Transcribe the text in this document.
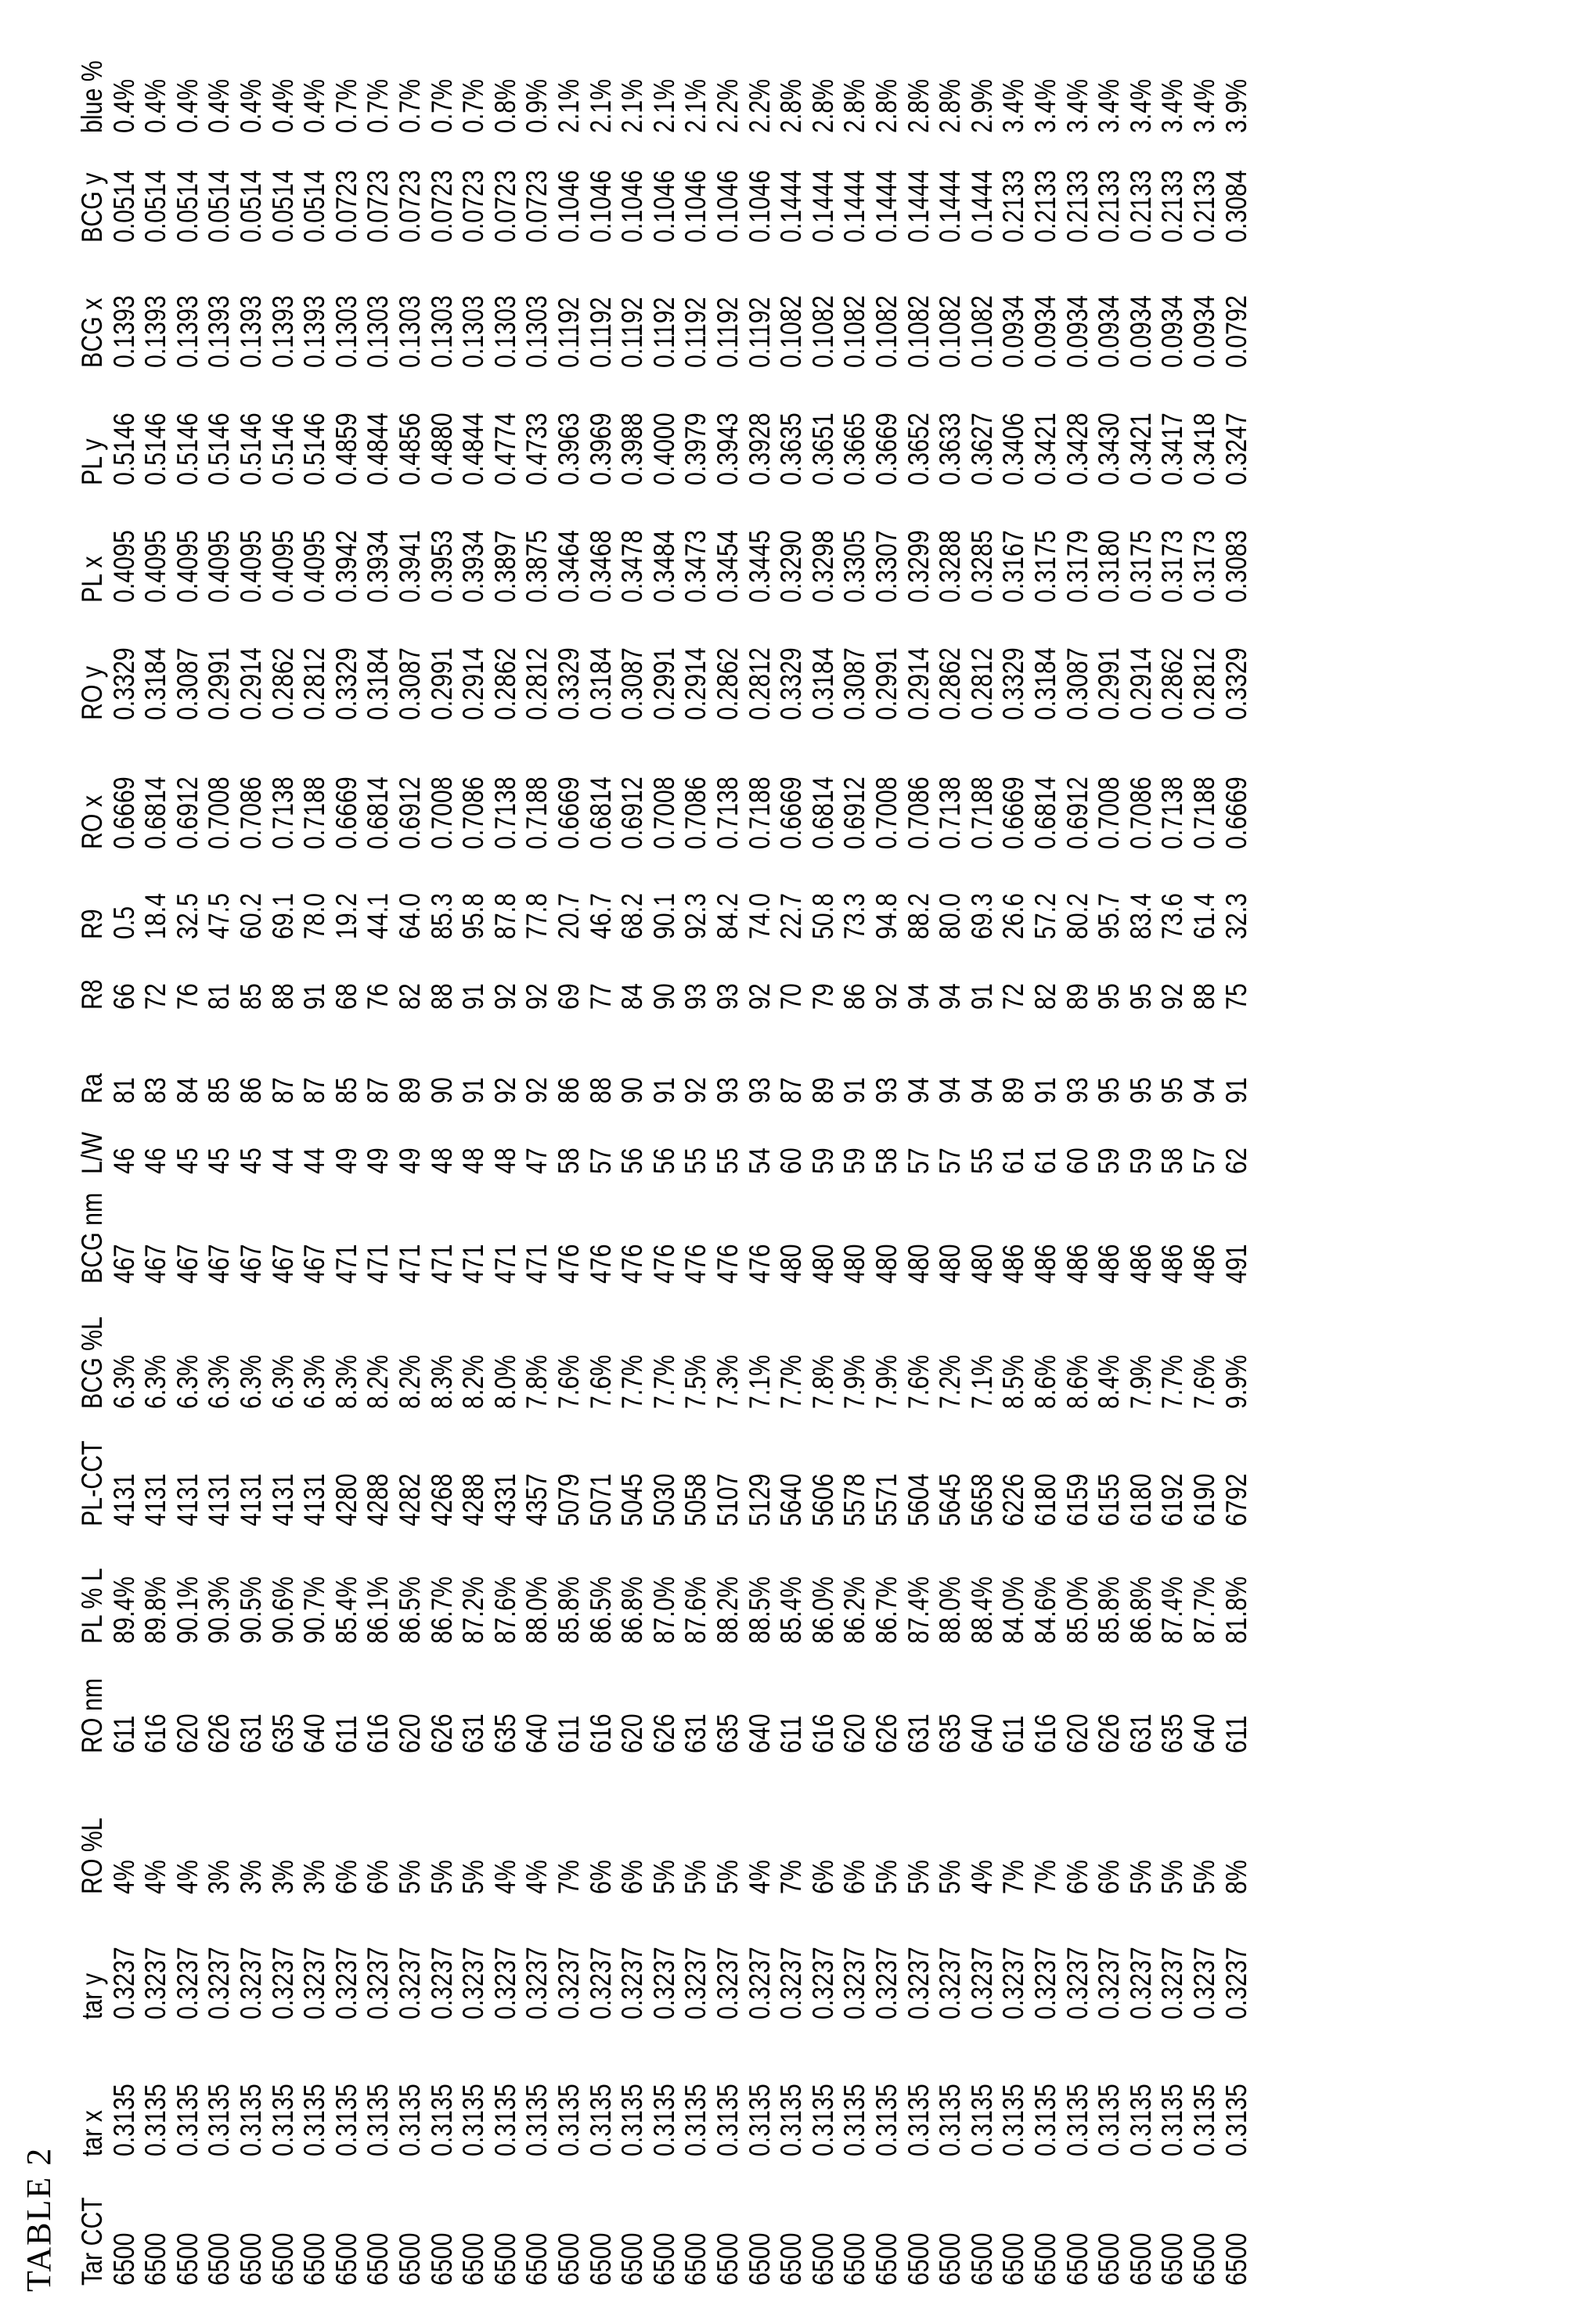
TABLE 2 Tar CCT
tar x
tar y
RO %L
RO nm
PL % L
PL-CCT
BCG %L
BCG nm
L/W
Ra
R8
R9
RO x
RO y
PL x
PL y
BCG x
BCG y
blue %
6500
0.3135
0.3237
4%
611
89.4%
4131
6.3%
467
46
81
66
0.5
0.6669
0.3329
0.4095
0.5146
0.1393
0.0514
0.4%
6500
0.3135
0.3237
4%
616
89.8%
4131
6.3%
467
46
83
72
18.4
0.6814
0.3184
0.4095
0.5146
0.1393
0.0514
0.4%
6500
0.3135
0.3237
4%
620
90.1%
4131
6.3%
467
45
84
76
32.5
0.6912
0.3087
0.4095
0.5146
0.1393
0.0514
0.4%
6500
0.3135
0.3237
3%
626
90.3%
4131
6.3%
467
45
85
81
47.5
0.7008
0.2991
0.4095
0.5146
0.1393
0.0514
0.4%
6500
0.3135
0.3237
3%
631
90.5%
4131
6.3%
467
45
86
85
60.2
0.7086
0.2914
0.4095
0.5146
0.1393
0.0514
0.4%
6500
0.3135
0.3237
3%
635
90.6%
4131
6.3%
467
44
87
88
69.1
0.7138
0.2862
0.4095
0.5146
0.1393
0.0514
0.4%
6500
0.3135
0.3237
3%
640
90.7%
4131
6.3%
467
44
87
91
78.0
0.7188
0.2812
0.4095
0.5146
0.1393
0.0514
0.4%
6500
0.3135
0.3237
6%
611
85.4%
4280
8.3%
471
49
85
68
19.2
0.6669
0.3329
0.3942
0.4859
0.1303
0.0723
0.7%
6500
0.3135
0.3237
6%
616
86.1%
4288
8.2%
471
49
87
76
44.1
0.6814
0.3184
0.3934
0.4844
0.1303
0.0723
0.7%
6500
0.3135
0.3237
5%
620
86.5%
4282
8.2%
471
49
89
82
64.0
0.6912
0.3087
0.3941
0.4856
0.1303
0.0723
0.7%
6500
0.3135
0.3237
5%
626
86.7%
4268
8.3%
471
48
90
88
85.3
0.7008
0.2991
0.3953
0.4880
0.1303
0.0723
0.7%
6500
0.3135
0.3237
5%
631
87.2%
4288
8.2%
471
48
91
91
95.8
0.7086
0.2914
0.3934
0.4844
0.1303
0.0723
0.7%
6500
0.3135
0.3237
4%
635
87.6%
4331
8.0%
471
48
92
92
87.8
0.7138
0.2862
0.3897
0.4774
0.1303
0.0723
0.8%
6500
0.3135
0.3237
4%
640
88.0%
4357
7.8%
471
47
92
92
77.8
0.7188
0.2812
0.3875
0.4733
0.1303
0.0723
0.9%
6500
0.3135
0.3237
7%
611
85.8%
5079
7.6%
476
58
86
69
20.7
0.6669
0.3329
0.3464
0.3963
0.1192
0.1046
2.1%
6500
0.3135
0.3237
6%
616
86.5%
5071
7.6%
476
57
88
77
46.7
0.6814
0.3184
0.3468
0.3969
0.1192
0.1046
2.1%
6500
0.3135
0.3237
6%
620
86.8%
5045
7.7%
476
56
90
84
68.2
0.6912
0.3087
0.3478
0.3988
0.1192
0.1046
2.1%
6500
0.3135
0.3237
5%
626
87.0%
5030
7.7%
476
56
91
90
90.1
0.7008
0.2991
0.3484
0.4000
0.1192
0.1046
2.1%
6500
0.3135
0.3237
5%
631
87.6%
5058
7.5%
476
55
92
93
92.3
0.7086
0.2914
0.3473
0.3979
0.1192
0.1046
2.1%
6500
0.3135
0.3237
5%
635
88.2%
5107
7.3%
476
55
93
93
84.2
0.7138
0.2862
0.3454
0.3943
0.1192
0.1046
2.2%
6500
0.3135
0.3237
4%
640
88.5%
5129
7.1%
476
54
93
92
74.0
0.7188
0.2812
0.3445
0.3928
0.1192
0.1046
2.2%
6500
0.3135
0.3237
7%
611
85.4%
5640
7.7%
480
60
87
70
22.7
0.6669
0.3329
0.3290
0.3635
0.1082
0.1444
2.8%
6500
0.3135
0.3237
6%
616
86.0%
5606
7.8%
480
59
89
79
50.8
0.6814
0.3184
0.3298
0.3651
0.1082
0.1444
2.8%
6500
0.3135
0.3237
6%
620
86.2%
5578
7.9%
480
59
91
86
73.3
0.6912
0.3087
0.3305
0.3665
0.1082
0.1444
2.8%
6500
0.3135
0.3237
5%
626
86.7%
5571
7.9%
480
58
93
92
94.8
0.7008
0.2991
0.3307
0.3669
0.1082
0.1444
2.8%
6500
0.3135
0.3237
5%
631
87.4%
5604
7.6%
480
57
94
94
88.2
0.7086
0.2914
0.3299
0.3652
0.1082
0.1444
2.8%
6500
0.3135
0.3237
5%
635
88.0%
5645
7.2%
480
57
94
94
80.0
0.7138
0.2862
0.3288
0.3633
0.1082
0.1444
2.8%
6500
0.3135
0.3237
4%
640
88.4%
5658
7.1%
480
55
94
91
69.3
0.7188
0.2812
0.3285
0.3627
0.1082
0.1444
2.9%
6500
0.3135
0.3237
7%
611
84.0%
6226
8.5%
486
61
89
72
26.6
0.6669
0.3329
0.3167
0.3406
0.0934
0.2133
3.4%
6500
0.3135
0.3237
7%
616
84.6%
6180
8.6%
486
61
91
82
57.2
0.6814
0.3184
0.3175
0.3421
0.0934
0.2133
3.4%
6500
0.3135
0.3237
6%
620
85.0%
6159
8.6%
486
60
93
89
80.2
0.6912
0.3087
0.3179
0.3428
0.0934
0.2133
3.4%
6500
0.3135
0.3237
6%
626
85.8%
6155
8.4%
486
59
95
95
95.7
0.7008
0.2991
0.3180
0.3430
0.0934
0.2133
3.4%
6500
0.3135
0.3237
5%
631
86.8%
6180
7.9%
486
59
95
95
83.4
0.7086
0.2914
0.3175
0.3421
0.0934
0.2133
3.4%
6500
0.3135
0.3237
5%
635
87.4%
6192
7.7%
486
58
95
92
73.6
0.7138
0.2862
0.3173
0.3417
0.0934
0.2133
3.4%
6500
0.3135
0.3237
5%
640
87.7%
6190
7.6%
486
57
94
88
61.4
0.7188
0.2812
0.3173
0.3418
0.0934
0.2133
3.4%
6500
0.3135
0.3237
8%
611
81.8%
6792
9.9%
491
62
91
75
32.3
0.6669
0.3329
0.3083
0.3247
0.0792
0.3084
3.9%
